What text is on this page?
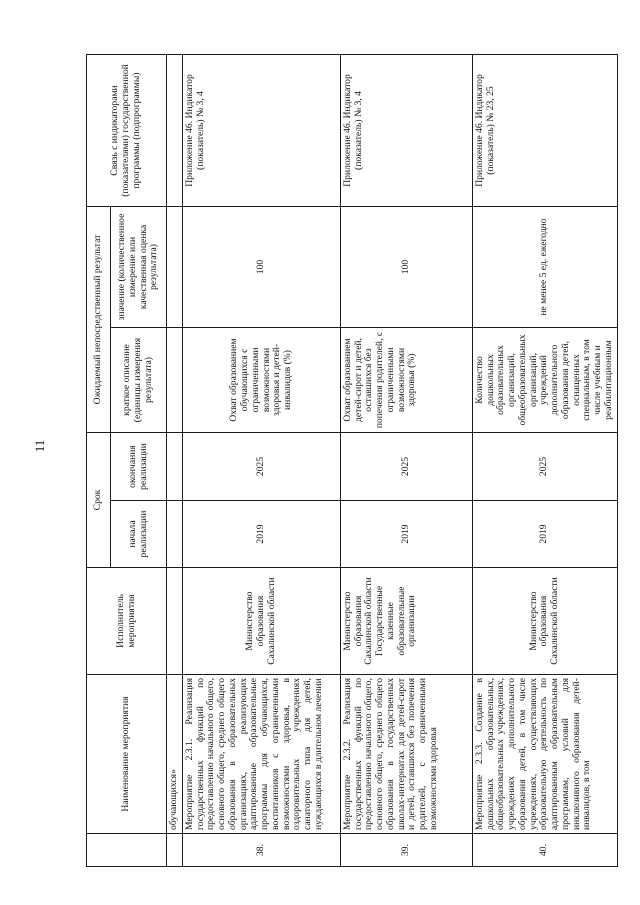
11
	Наименование мероприятия	Исполнитель мероприятия	Срок		Ожидаемый непосредственный результат		Связь с индикаторами (показателями) государственной программы (подпрограммы)
			начала реализации	окончания реализации	краткое описание (единицы измерения результата)	значение (количественное измерение или качественная оценка результата)	
	обучающихся»						
38.	Мероприятие 2.3.1. Реализация государственных функций по предоставлению начального общего, основного общего, среднего общего образования в образовательных организациях, реализующих адаптированные образовательные программы для обучающихся, воспитанников с ограниченными возможностями здоровья, в оздоровительных учреждениях санаторного типа для детей, нуждающихся в длительном лечении	Министерство образования Сахалинской области	2019	2025	Охват образованием обучающихся с ограниченными возможностями здоровья и детей-инвалидов (%)	100	Приложение 46. Индикатор (показатель) № 3, 4
39.	Мероприятие 2.3.2. Реализация государственных функций по предоставлению начального общего, основного общего, среднего общего образования в государственных школах-интернатах для детей-сирот и детей, оставшихся без попечения родителей, с ограниченными возможностями здоровья	Министерство образования Сахалинской области Государственные казенные образовательные организации	2019	2025	Охват образованием детей-сирот и детей, оставшихся без попечения родителей, с ограниченными возможностями здоровья (%)	100	Приложение 46. Индикатор (показатель) № 3, 4
40.	Мероприятие 2.3.3. Создание в дошкольных образовательных, общеобразовательных учреждениях, учреждениях дополнительного образования детей, в том числе учреждениях, осуществляющих образовательную деятельность по адаптированным образовательным программам, условий для инклюзивного образования детей-инвалидов, в том	Министерство образования Сахалинской области	2019	2025	Количество дошкольных образовательных организаций, общеобразовательных организаций, учреждений дополнительного образования детей, оснащенных специальным, в том числе учебным и реабилитационным	не менее 5 ед. ежегодно	Приложение 46. Индикатор (показатель) № 23, 25
